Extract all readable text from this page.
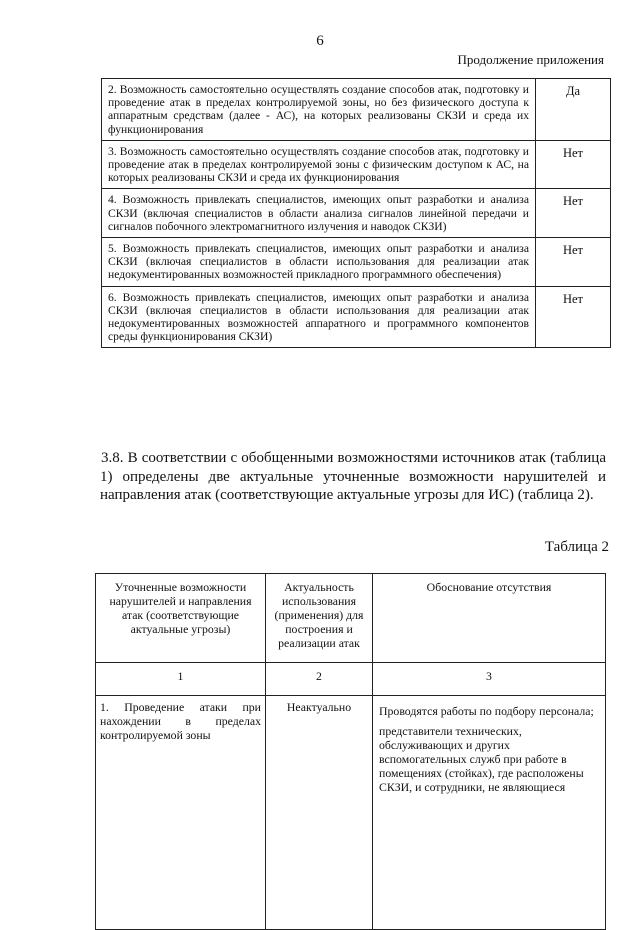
6
Продолжение приложения
2. Возможность самостоятельно осуществлять создание способов атак, подготовку и проведение атак в пределах контролируемой зоны, но без физического доступа к аппаратным средствам (далее - АС), на которых реализованы СКЗИ и среда их функционирования	Да
3. Возможность самостоятельно осуществлять создание способов атак, подготовку и проведение атак в пределах контролируемой зоны с физическим доступом к АС, на которых реализованы СКЗИ и среда их функционирования	Нет
4. Возможность привлекать специалистов, имеющих опыт разработки и анализа СКЗИ (включая специалистов в области анализа сигналов линейной передачи и сигналов побочного электромагнитного излучения и наводок СКЗИ)	Нет
5. Возможность привлекать специалистов, имеющих опыт разработки и анализа СКЗИ (включая специалистов в области использования для реализации атак недокументированных возможностей прикладного программного обеспечения)	Нет
6. Возможность привлекать специалистов, имеющих опыт разработки и анализа СКЗИ (включая специалистов в области использования для реализации атак недокументированных возможностей аппаратного и программного компонентов среды функционирования СКЗИ)	Нет
3.8. В соответствии с обобщенными возможностями источников атак (таблица 1) определены две актуальные уточненные возможности нарушителей и направления атак (соответствующие актуальные угрозы для ИС) (таблица 2).
Таблица 2
Уточненные возможности нарушителей и направления атак (соответствующие актуальные угрозы)	Актуальность использования (применения) для построения и реализации атак	Обоснование отсутствия
1	2	3
1. Проведение атаки при нахождении в пределах контролируемой зоны	Неактуально	Проводятся работы по подбору персонала;

представители технических, обслуживающих и других вспомогательных служб при работе в помещениях (стойках), где расположены СКЗИ, и сотрудники, не являющиеся
